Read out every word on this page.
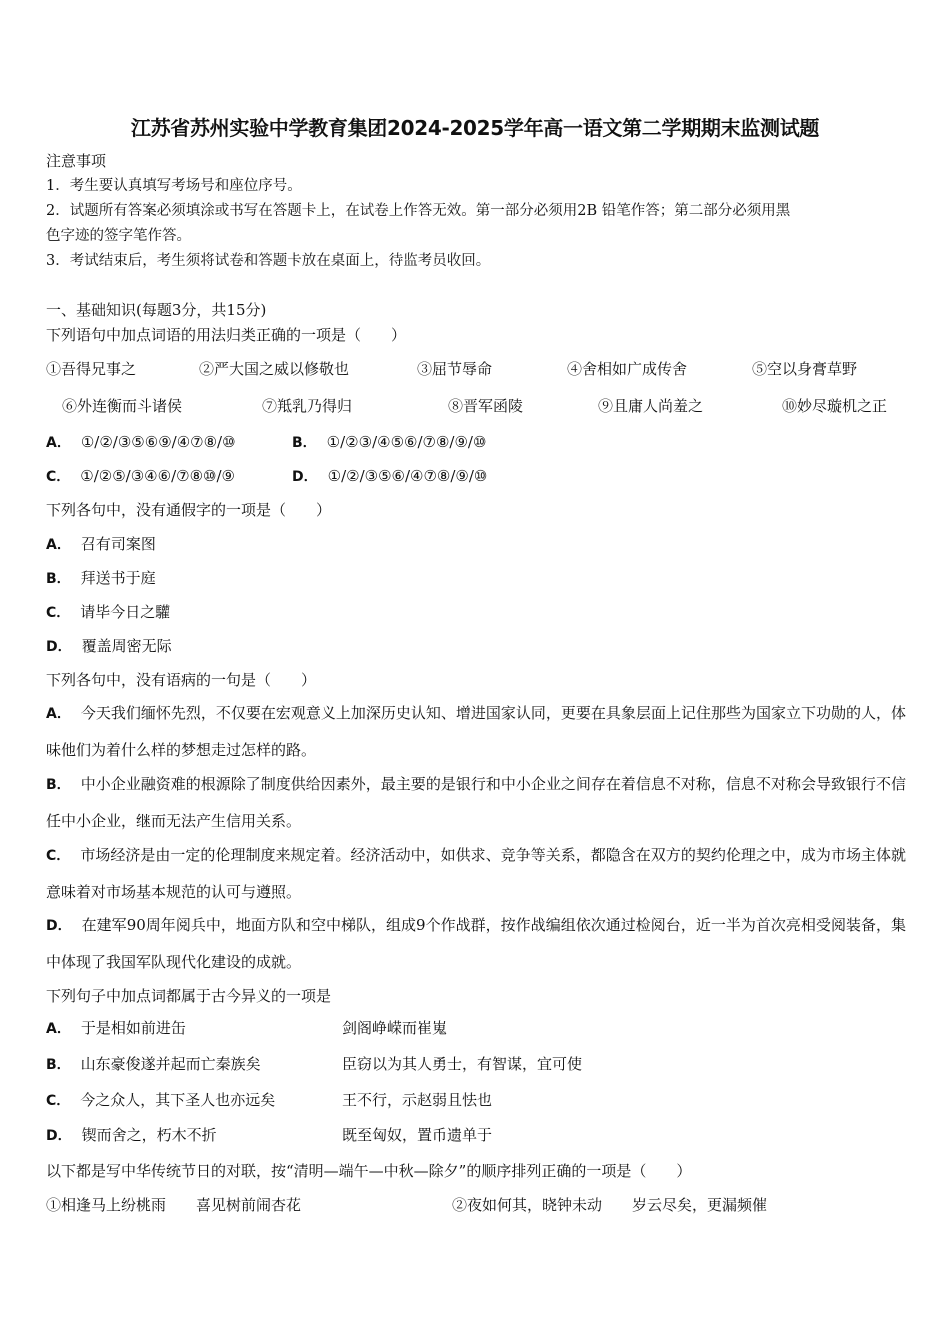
江苏省苏州实验中学教育集团2024-2025学年高一语文第二学期期末监测试题
注意事项
1．考生要认真填写考场号和座位序号。
2．试题所有答案必须填涂或书写在答题卡上，在试卷上作答无效。第一部分必须用2B 铅笔作答；第二部分必须用黑
色字迹的签字笔作答。
3．考试结束后，考生须将试卷和答题卡放在桌面上，待监考员收回。
一、基础知识(每题3分，共15分)
下列语句中加点词语的用法归类正确的一项是（　　）
①吾得兄事之	②严大国之威以修敬也	③屈节辱命	④舍相如广成传舍	⑤空以身膏草野
⑥外连衡而斗诸侯	⑦羝乳乃得归	⑧晋军函陵	⑨且庸人尚羞之	⑩妙尽璇机之正
A． ①/②/③⑤⑥⑨/④⑦⑧/⑩	B． ①/②③/④⑤⑥/⑦⑧/⑨/⑩
C． ①/②⑤/③④⑥/⑦⑧⑩/⑨	D． ①/②/③⑤⑥/④⑦⑧/⑨/⑩
下列各句中，没有通假字的一项是（　　）
A． 召有司案图
B． 拜送书于庭
C． 请毕今日之驩
D． 覆盖周密无际
下列各句中，没有语病的一句是（　　）
A． 今天我们缅怀先烈，不仅要在宏观意义上加深历史认知、增进国家认同，更要在具象层面上记住那些为国家立下功勋的人，体味他们为着什么样的梦想走过怎样的路。
B． 中小企业融资难的根源除了制度供给因素外，最主要的是银行和中小企业之间存在着信息不对称，信息不对称会导致银行不信任中小企业，继而无法产生信用关系。
C． 市场经济是由一定的伦理制度来规定着。经济活动中，如供求、竞争等关系，都隐含在双方的契约伦理之中，成为市场主体就意味着对市场基本规范的认可与遵照。
D． 在建军90周年阅兵中，地面方队和空中梯队，组成9个作战群，按作战编组依次通过检阅台，近一半为首次亮相受阅装备，集中体现了我国军队现代化建设的成就。
下列句子中加点词都属于古今异义的一项是
A． 于是相如前进缶	剑阁峥嵘而崔嵬
B． 山东豪俊遂并起而亡秦族矣	臣窃以为其人勇士，有智谋，宜可使
C． 今之众人，其下圣人也亦远矣	王不行，示赵弱且怯也
D． 锲而舍之，朽木不折	既至匈奴，置币遗单于
以下都是写中华传统节日的对联，按“清明—端午—中秋—除夕”的顺序排列正确的一项是（　　）
①相逢马上纷桃雨　　喜见树前闹杏花	②夜如何其，晓钟未动　　岁云尽矣，更漏频催
